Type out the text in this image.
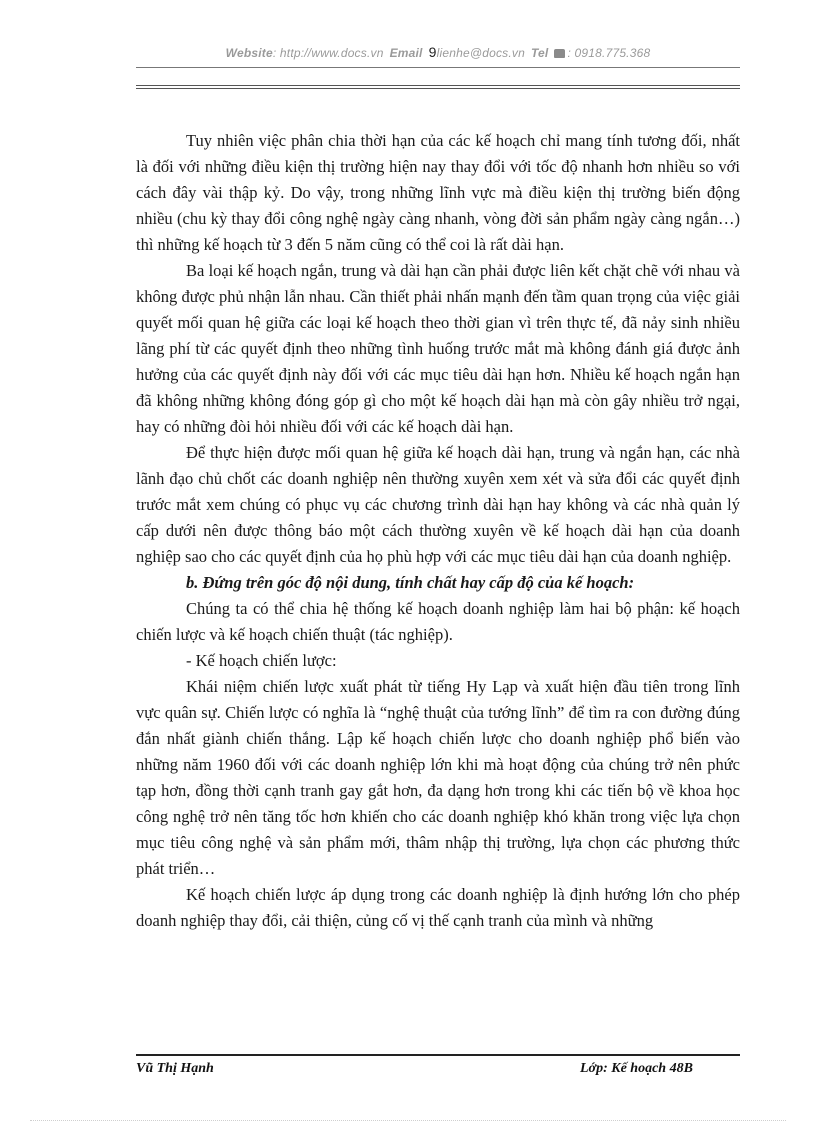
Website: http://www.docs.vn Email 9lienhe@docs.vn Tel : 0918.775.368

Tuy nhiên việc phân chia thời hạn của các kế hoạch chỉ mang tính tương đối, nhất là đối với những điều kiện thị trường hiện nay thay đổi với tốc độ nhanh hơn nhiều so với cách đây vài thập kỷ. Do vậy, trong những lĩnh vực mà điều kiện thị trường biến động nhiều (chu kỳ thay đổi công nghệ ngày càng nhanh, vòng đời sản phẩm ngày càng ngắn…) thì những kế hoạch từ 3 đến 5 năm cũng có thể coi là rất dài hạn.

Ba loại kế hoạch ngắn, trung và dài hạn cần phải được liên kết chặt chẽ với nhau và không được phủ nhận lẫn nhau. Cần thiết phải nhấn mạnh đến tầm quan trọng của việc giải quyết mối quan hệ giữa các loại kế hoạch theo thời gian vì trên thực tế, đã nảy sinh nhiều lãng phí từ các quyết định theo những tình huống trước mắt mà không đánh giá được ảnh hưởng của các quyết định này đối với các mục tiêu dài hạn hơn. Nhiều kế hoạch ngắn hạn đã không những không đóng góp gì cho một kế hoạch dài hạn mà còn gây nhiều trở ngại, hay có những đòi hỏi nhiều đối với các kế hoạch dài hạn.

Để thực hiện được mối quan hệ giữa kế hoạch dài hạn, trung và ngắn hạn, các nhà lãnh đạo chủ chốt các doanh nghiệp nên thường xuyên xem xét và sửa đổi các quyết định trước mắt xem chúng có phục vụ các chương trình dài hạn hay không và các nhà quản lý cấp dưới nên được thông báo một cách thường xuyên về kế hoạch dài hạn của doanh nghiệp sao cho các quyết định của họ phù hợp với các mục tiêu dài hạn của doanh nghiệp.

b. Đứng trên góc độ nội dung, tính chất hay cấp độ của kế hoạch:

Chúng ta có thể chia hệ thống kế hoạch doanh nghiệp làm hai bộ phận: kế hoạch chiến lược và kế hoạch chiến thuật (tác nghiệp).

- Kế hoạch chiến lược:

Khái niệm chiến lược xuất phát từ tiếng Hy Lạp và xuất hiện đầu tiên trong lĩnh vực quân sự. Chiến lược có nghĩa là “nghệ thuật của tướng lĩnh” để tìm ra con đường đúng đắn nhất giành chiến thắng. Lập kế hoạch chiến lược cho doanh nghiệp phổ biến vào những năm 1960 đối với các doanh nghiệp lớn khi mà hoạt động của chúng trở nên phức tạp hơn, đồng thời cạnh tranh gay gắt hơn, đa dạng hơn trong khi các tiến bộ về khoa học công nghệ trở nên tăng tốc hơn khiến cho các doanh nghiệp khó khăn trong việc lựa chọn mục tiêu công nghệ và sản phẩm mới, thâm nhập thị trường, lựa chọn các phương thức phát triển…

Kế hoạch chiến lược áp dụng trong các doanh nghiệp là định hướng lớn cho phép doanh nghiệp thay đổi, cải thiện, củng cố vị thế cạnh tranh của mình và những

Vũ Thị Hạnh	Lớp: Kế hoạch 48B
